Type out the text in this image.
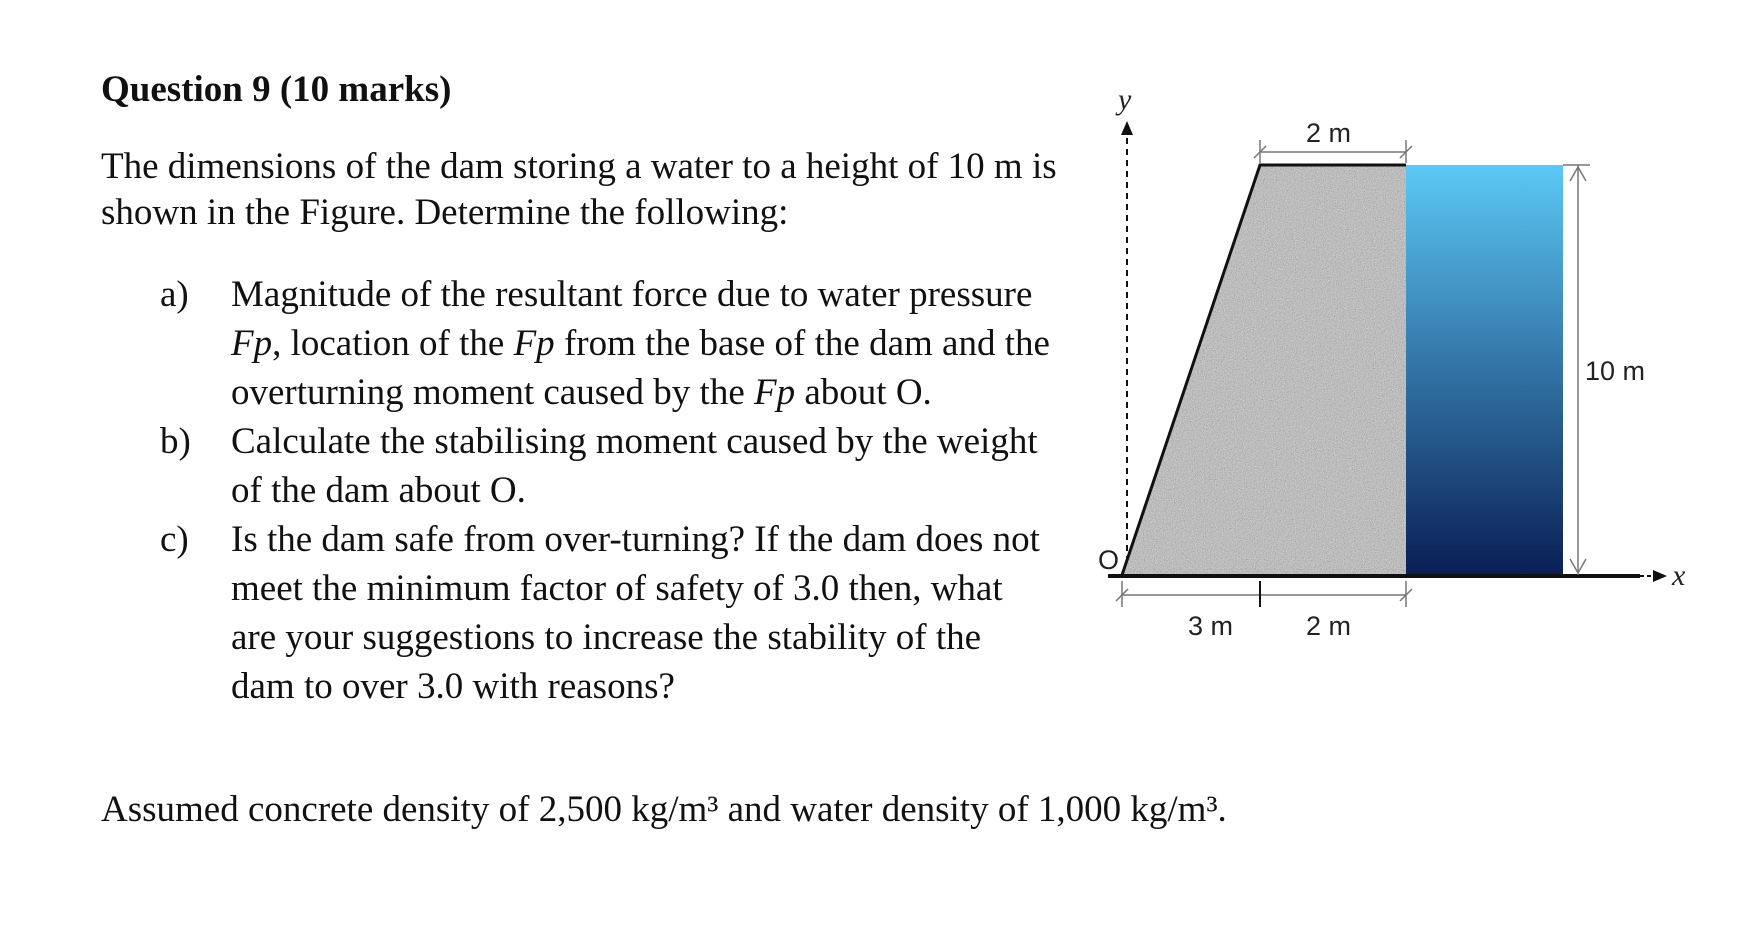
Question 9 (10 marks)

The dimensions of the dam storing a water to a height of 10 m is shown in the Figure. Determine the following:

a)	Magnitude of the resultant force due to water pressure Fp, location of the Fp from the base of the dam and the overturning moment caused by the Fp about O.
b)	Calculate the stabilising moment caused by the weight of the dam about O.
c)	Is the dam safe from over-turning? If the dam does not meet the minimum factor of safety of 3.0 then, what are your suggestions to increase the stability of the dam to over 3.0 with reasons?

Assumed concrete density of 2,500 kg/m³ and water density of 1,000 kg/m³.

y
x
O
2 m
10 m
3 m	2 m
